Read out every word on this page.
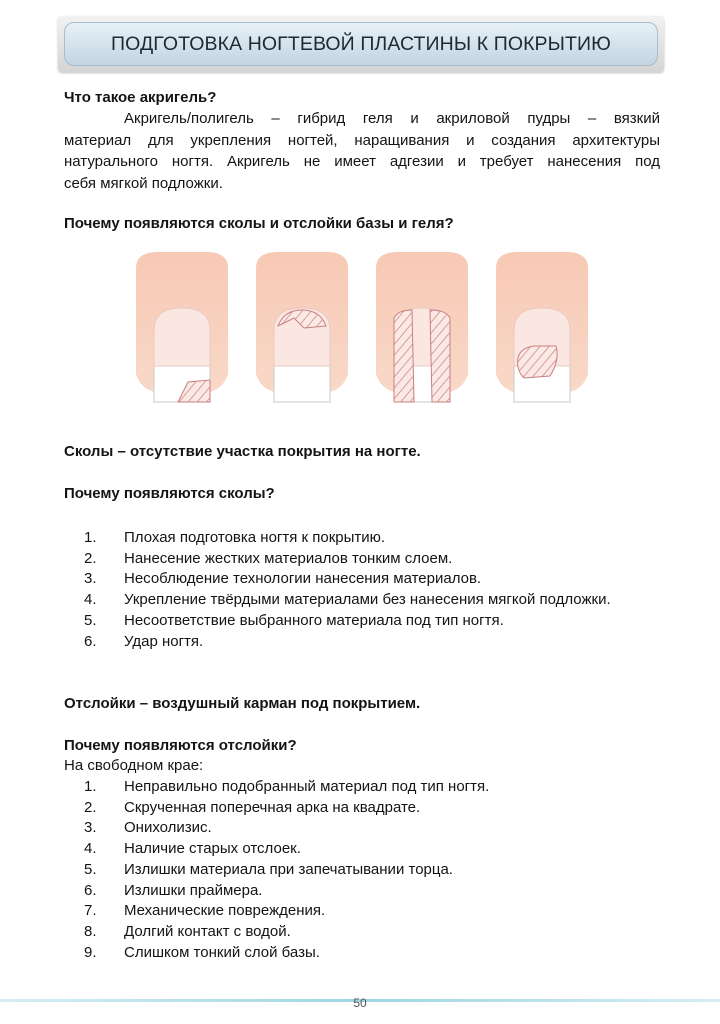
ПОДГОТОВКА НОГТЕВОЙ ПЛАСТИНЫ К ПОКРЫТИЮ
Что такое акригель?
Акригель/полигель – гибрид геля и акриловой пудры – вязкий
материал для укрепления ногтей, наращивания и создания архитектуры
натурального ногтя. Акригель не имеет адгезии и требует нанесения под
себя мягкой подложки.
Почему появляются сколы и отслойки базы и геля?
Сколы – отсутствие участка покрытия на ногте.
Почему появляются сколы?
1. Плохая подготовка ногтя к покрытию.
2. Нанесение жестких материалов тонким слоем.
3. Несоблюдение технологии нанесения материалов.
4. Укрепление твёрдыми материалами без нанесения мягкой подложки.
5. Несоответствие выбранного материала под тип ногтя.
6. Удар ногтя.
Отслойки – воздушный карман под покрытием.
Почему появляются отслойки?
На свободном крае:
1. Неправильно подобранный материал под тип ногтя.
2. Скрученная поперечная арка на квадрате.
3. Онихолизис.
4. Наличие старых отслоек.
5. Излишки материала при запечатывании торца.
6. Излишки праймера.
7. Механические повреждения.
8. Долгий контакт с водой.
9. Слишком тонкий слой базы.
50
